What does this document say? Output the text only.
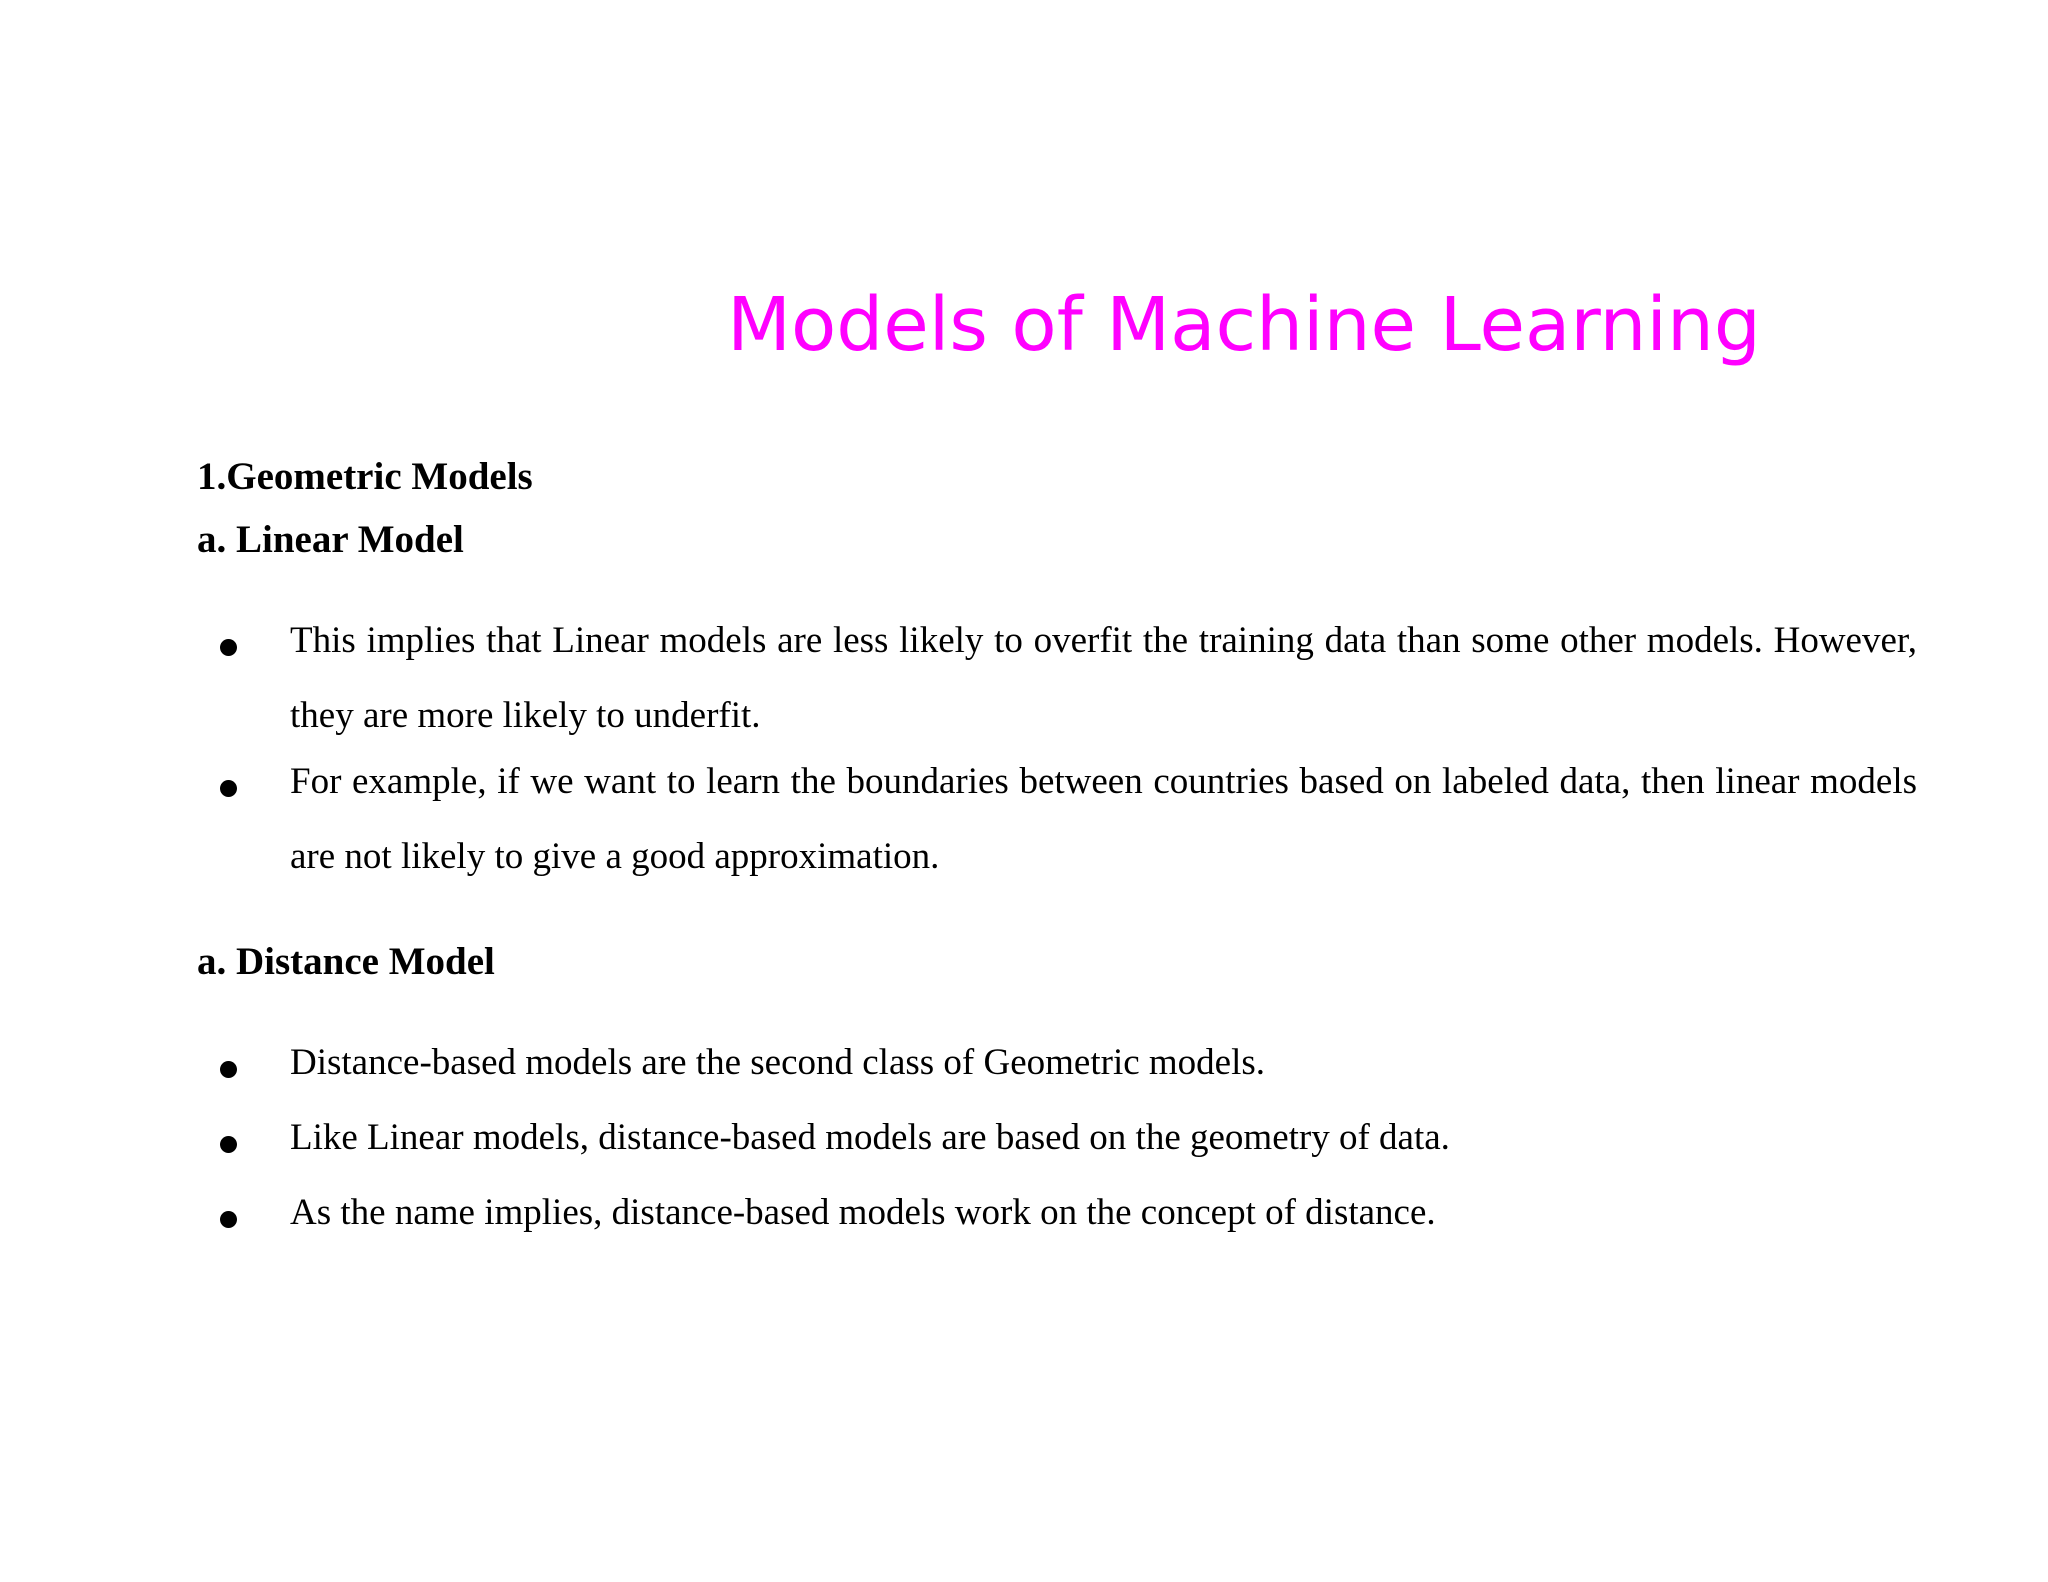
Models of Machine Learning
1.Geometric Models
a. Linear Model
This implies that Linear models are less likely to overfit the training data than some other models. However, they are more likely to underfit.
For example, if we want to learn the boundaries between countries based on labeled data, then linear models are not likely to give a good approximation.
a. Distance Model
Distance-based models are the second class of Geometric models.
Like Linear models, distance-based models are based on the geometry of data.
As the name implies, distance-based models work on the concept of distance.
